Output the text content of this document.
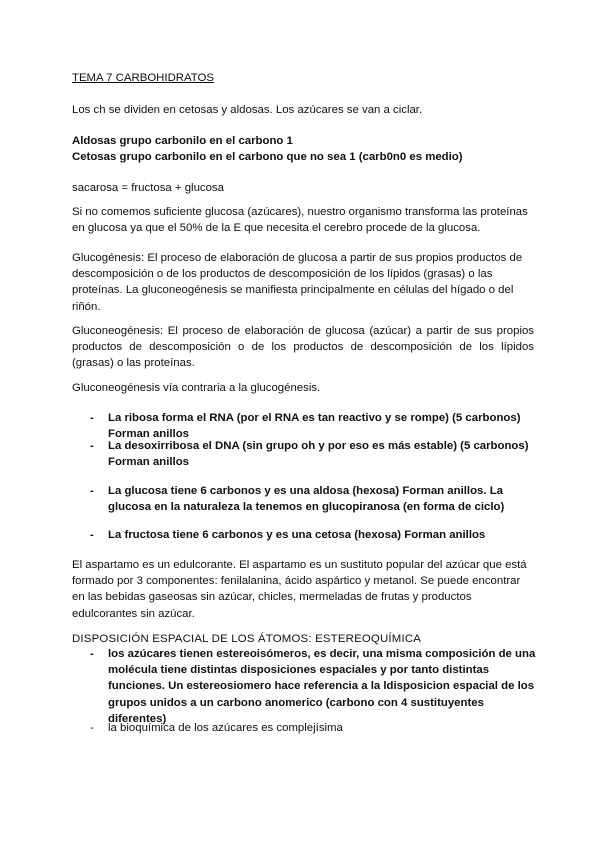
TEMA 7 CARBOHIDRATOS

Los ch se dividen en cetosas y aldosas. Los azúcares se van a ciclar.

Aldosas grupo carbonilo en el carbono 1

Cetosas grupo carbonilo en el carbono que no sea 1 (carb0n0 es medio)

sacarosa = fructosa + glucosa

Si no comemos suficiente glucosa (azúcares), nuestro organismo transforma las proteínas en glucosa ya que el 50% de la E que necesita el cerebro procede de la glucosa.

Glucogénesis: El proceso de elaboración de glucosa a partir de sus propios productos de descomposición o de los productos de descomposición de los lípidos (grasas) o las proteínas. La gluconeogénesis se manifiesta principalmente en células del hígado o del riñón.

Gluconeogénesis: El proceso de elaboración de glucosa (azúcar) a partir de sus propios productos de descomposición o de los productos de descomposición de los lípidos (grasas) o las proteínas.

Gluconeogénesis vía contraria a la glucogénesis.

- La ribosa forma el RNA (por el RNA es tan reactivo y se rompe) (5 carbonos) Forman anillos
- La desoxirribosa el DNA (sin grupo oh y por eso es más estable) (5 carbonos) Forman anillos
- La glucosa tiene 6 carbonos y es una aldosa (hexosa) Forman anillos. La glucosa en la naturaleza la tenemos en glucopiranosa (en forma de ciclo)
- La fructosa tiene 6 carbonos y es una cetosa (hexosa) Forman anillos

El aspartamo es un edulcorante. El aspartamo es un sustituto popular del azúcar que está formado por 3 componentes: fenilalanina, ácido aspártico y metanol. Se puede encontrar en las bebidas gaseosas sin azúcar, chicles, mermeladas de frutas y productos edulcorantes sin azúcar.

DISPOSICIÓN ESPACIAL DE LOS ÁTOMOS: ESTEREOQUÍMICA

- los azúcares tienen estereoisómeros, es decir, una misma composición de una molécula tiene distintas disposiciones espaciales y por tanto distintas funciones. Un estereosiomero hace referencia a la ldisposicion espacial de los grupos unidos a un carbono anomerico (carbono con 4 sustituyentes diferentes)
- la bioquímica de los azúcares es complejísima
